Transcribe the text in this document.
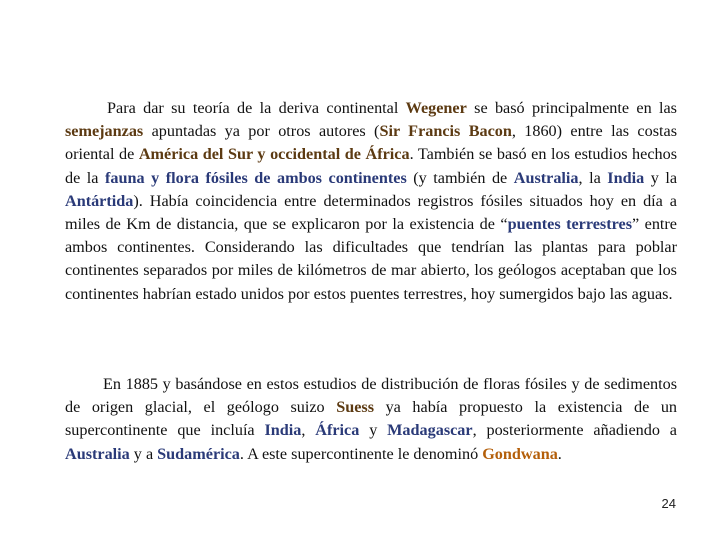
Para dar su teoría de la deriva continental Wegener se basó principalmente en las semejanzas apuntadas ya por otros autores (Sir Francis Bacon, 1860) entre las costas oriental de América del Sur y occidental de África. También se basó en los estudios hechos de la fauna y flora fósiles de ambos continentes (y también de Australia, la India y la Antártida). Había coincidencia entre determinados registros fósiles situados hoy en día a miles de Km de distancia, que se explicaron por la existencia de “puentes terrestres” entre ambos continentes. Considerando las dificultades que tendrían las plantas para poblar continentes separados por miles de kilómetros de mar abierto, los geólogos aceptaban que los continentes habrían estado unidos por estos puentes terrestres, hoy sumergidos bajo las aguas.

En 1885 y basándose en estos estudios de distribución de floras fósiles y de sedimentos de origen glacial, el geólogo suizo Suess ya había propuesto la existencia de un supercontinente que incluía India, África y Madagascar, posteriormente añadiendo a Australia y a Sudamérica. A este supercontinente le denominó Gondwana.

24
